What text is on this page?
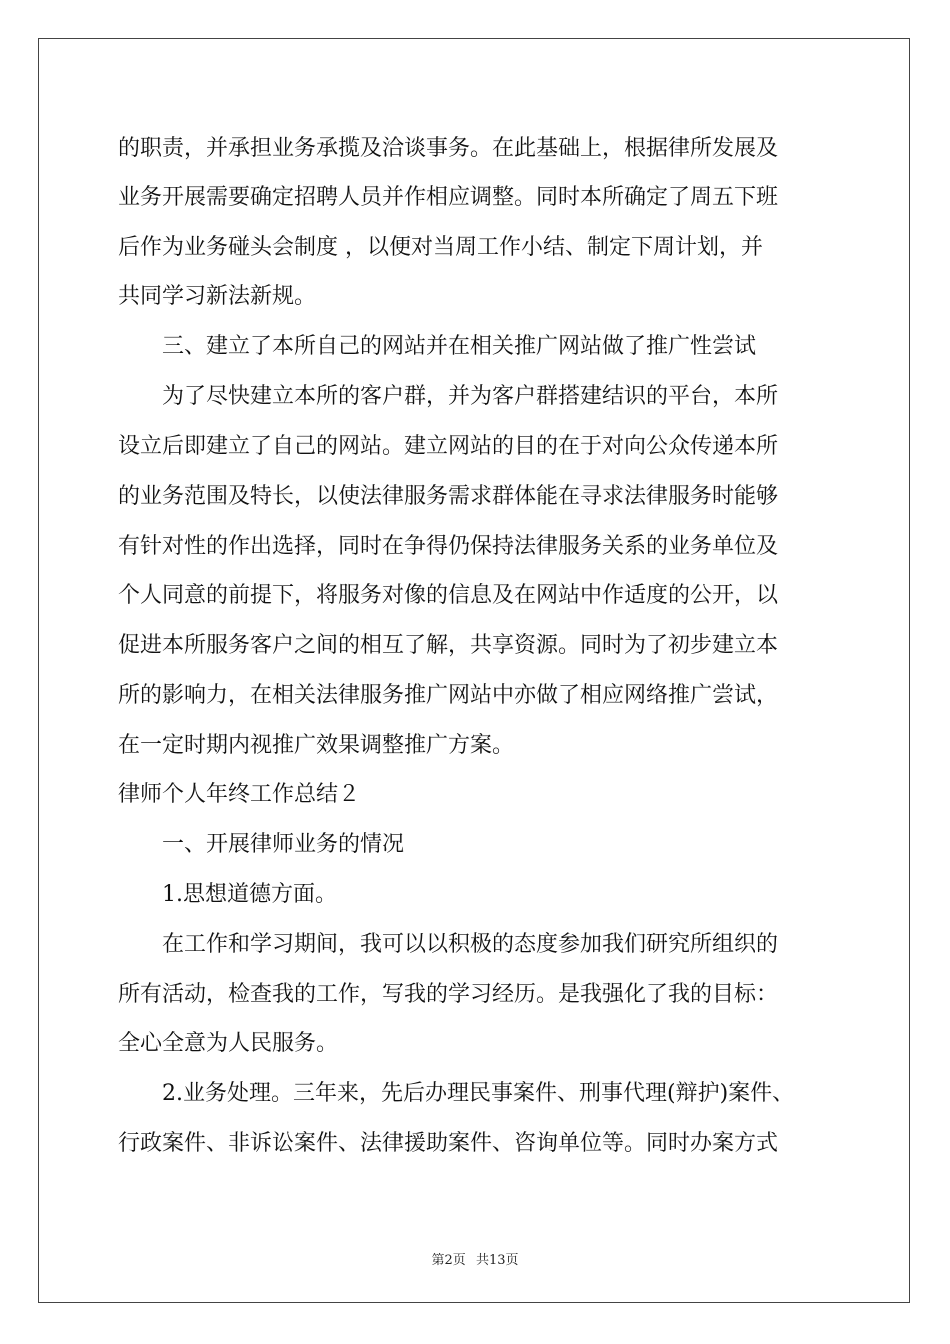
的职责，并承担业务承揽及洽谈事务。在此基础上，根据律所发展及
业务开展需要确定招聘人员并作相应调整。同时本所确定了周五下班
后作为业务碰头会制度 ，以便对当周工作小结、制定下周计划，并
共同学习新法新规。
三、建立了本所自己的网站并在相关推广网站做了推广性尝试
为了尽快建立本所的客户群，并为客户群搭建结识的平台，本所
设立后即建立了自己的网站。建立网站的目的在于对向公众传递本所
的业务范围及特长，以使法律服务需求群体能在寻求法律服务时能够
有针对性的作出选择，同时在争得仍保持法律服务关系的业务单位及
个人同意的前提下，将服务对像的信息及在网站中作适度的公开，以
促进本所服务客户之间的相互了解，共享资源。同时为了初步建立本
所的影响力，在相关法律服务推广网站中亦做了相应网络推广尝试，
在一定时期内视推广效果调整推广方案。
律师个人年终工作总结２
一、开展律师业务的情况
1.思想道德方面。
在工作和学习期间，我可以以积极的态度参加我们研究所组织的
所有活动，检查我的工作，写我的学习经历。是我强化了我的目标：
全心全意为人民服务。
2.业务处理。三年来，先后办理民事案件、刑事代理(辩护)案件、
行政案件、非诉讼案件、法律援助案件、咨询单位等。同时办案方式
第2页 共13页
